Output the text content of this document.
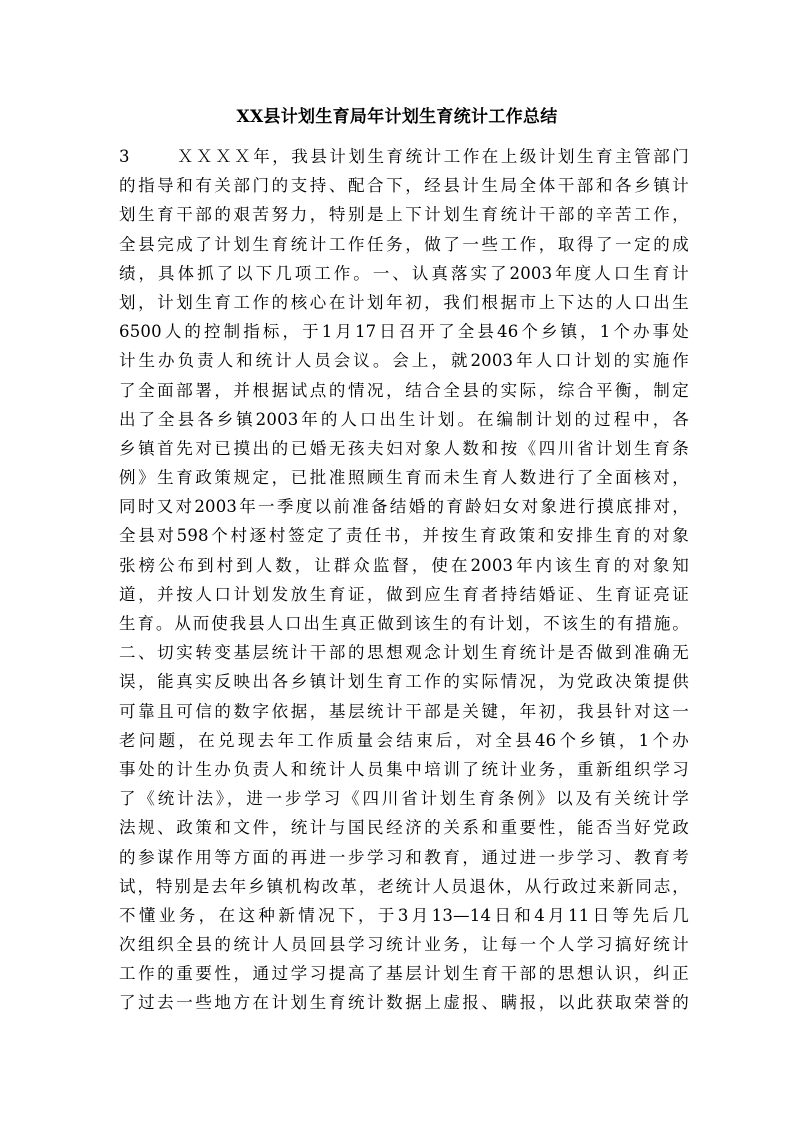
XX县计划生育局年计划生育统计工作总结
3	ＸＸＸＸ年，我县计划生育统计工作在上级计划生育主管部门
的指导和有关部门的支持、配合下，经县计生局全体干部和各乡镇计
划生育干部的艰苦努力，特别是上下计划生育统计干部的辛苦工作，
全县完成了计划生育统计工作任务，做了一些工作，取得了一定的成
绩，具体抓了以下几项工作。一、认真落实了2003年度人口生育计
划，计划生育工作的核心在计划年初，我们根据市上下达的人口出生
6500人的控制指标，于1月17日召开了全县46个乡镇，1个办事处
计生办负责人和统计人员会议。会上，就2003年人口计划的实施作
了全面部署，并根据试点的情况，结合全县的实际，综合平衡，制定
出了全县各乡镇2003年的人口出生计划。在编制计划的过程中，各
乡镇首先对已摸出的已婚无孩夫妇对象人数和按《四川省计划生育条
例》生育政策规定，已批准照顾生育而未生育人数进行了全面核对，
同时又对2003年一季度以前准备结婚的育龄妇女对象进行摸底排对，
全县对598个村逐村签定了责任书，并按生育政策和安排生育的对象
张榜公布到村到人数，让群众监督，使在2003年内该生育的对象知
道，并按人口计划发放生育证，做到应生育者持结婚证、生育证亮证
生育。从而使我县人口出生真正做到该生的有计划，不该生的有措施。
二、切实转变基层统计干部的思想观念计划生育统计是否做到准确无
误，能真实反映出各乡镇计划生育工作的实际情况，为党政决策提供
可靠且可信的数字依据，基层统计干部是关键，年初，我县针对这一
老问题，在兑现去年工作质量会结束后，对全县46个乡镇，1个办
事处的计生办负责人和统计人员集中培训了统计业务，重新组织学习
了《统计法》，进一步学习《四川省计划生育条例》以及有关统计学
法规、政策和文件，统计与国民经济的关系和重要性，能否当好党政
的参谋作用等方面的再进一步学习和教育，通过进一步学习、教育考
试，特别是去年乡镇机构改革，老统计人员退休，从行政过来新同志，
不懂业务，在这种新情况下，于3月13—14日和4月11日等先后几
次组织全县的统计人员回县学习统计业务，让每一个人学习搞好统计
工作的重要性，通过学习提高了基层计划生育干部的思想认识，纠正
了过去一些地方在计划生育统计数据上虚报、瞒报，以此获取荣誉的
